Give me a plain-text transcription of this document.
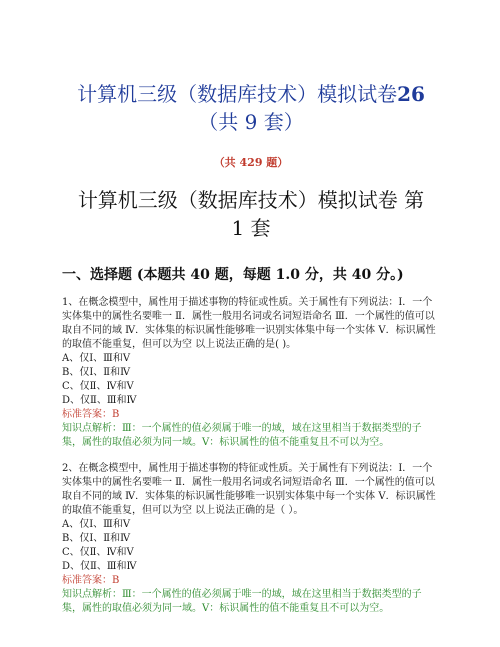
计算机三级（数据库技术）模拟试卷26
（共 9 套）
（共 429 题）
计算机三级（数据库技术）模拟试卷 第
1 套
一、选择题 (本题共 40 题，每题 1.0 分，共 40 分。)

1、在概念模型中，属性用于描述事物的特征或性质。关于属性有下列说法：Ⅰ．一个实体集中的属性名要唯一 Ⅱ．属性一般用名词或名词短语命名 Ⅲ．一个属性的值可以取自不同的域 Ⅳ．实体集的标识属性能够唯一识别实体集中每一个实体 Ⅴ．标识属性的取值不能重复，但可以为空 以上说法正确的是( )。

A、仅Ⅰ、Ⅲ和Ⅴ

B、仅Ⅰ、Ⅱ和Ⅳ

C、仅Ⅱ、Ⅳ和Ⅴ

D、仅Ⅱ、Ⅲ和Ⅳ

标准答案：B

知识点解析：Ⅲ：一个属性的值必须属于唯一的域，域在这里相当于数据类型的子集，属性的取值必须为同一域。Ⅴ：标识属性的值不能重复且不可以为空。

2、在概念模型中，属性用于描述事物的特征或性质。关于属性有下列说法：Ⅰ．一个实体集中的属性名要唯一 Ⅱ．属性一般用名词或名词短语命名 Ⅲ．一个属性的值可以取自不同的域 Ⅳ．实体集的标识属性能够唯一识别实体集中每一个实体 Ⅴ．标识属性的取值不能重复，但可以为空 以上说法正确的是（ ）。

A、仅Ⅰ、Ⅲ和Ⅴ

B、仅Ⅰ、Ⅱ和Ⅳ

C、仅Ⅱ、Ⅳ和Ⅴ

D、仅Ⅱ、Ⅲ和Ⅳ

标准答案：B

知识点解析：Ⅲ：一个属性的值必须属于唯一的域，域在这里相当于数据类型的子集，属性的取值必须为同一域。Ⅴ：标识属性的值不能重复且不可以为空。
